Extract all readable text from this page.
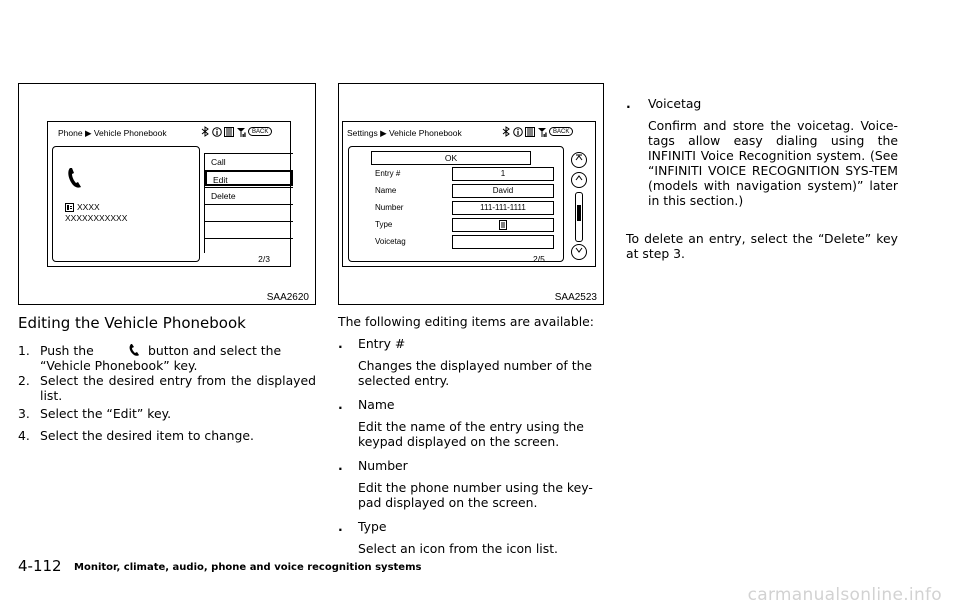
Phone ▶ Vehicle Phonebook	BACK
XXXX
XXXXXXXXXXX
Call
Edit
Delete
2/3
SAA2620
Settings ▶ Vehicle Phonebook	BACK
OK
Entry #	1
Name	David
Number	111-111-1111
Type
Voicetag
2/5
SAA2523
Editing the Vehicle Phonebook
1. Push the	button and select the
“Vehicle Phonebook” key.
2. Select the desired entry from the displayed list.
3. Select the “Edit” key.
4. Select the desired item to change.
The following editing items are available:
. Entry #
Changes the displayed number of the selected entry.
. Name
Edit the name of the entry using the keypad displayed on the screen.
. Number
Edit the phone number using the key-pad displayed on the screen.
. Type
Select an icon from the icon list.
. Voicetag
Confirm and store the voicetag. Voice-tags allow easy dialing using the INFINITI Voice Recognition system. (See “INFINITI VOICE RECOGNITION SYS-TEM (models with navigation system)” later in this section.)
To delete an entry, select the “Delete” key at step 3.
4-112 Monitor, climate, audio, phone and voice recognition systems
carmanualsonline.info
